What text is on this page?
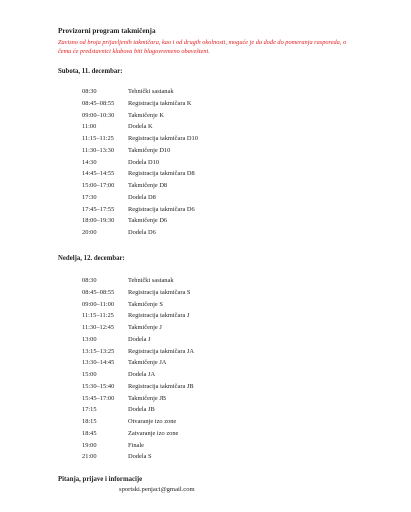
Provizorni program takmičenja
Zavisno od broja prijavljenih takmičara, kao i od drugih okolnosti, moguće je da dođe do pomeranja rasporeda, o čemu će predstavnici klubova biti blagovremeno obavešteni.
Subota, 11. decembar:
08:30	Tehnički sastanak
08:45–08:55 Registracija takmičara K
09:00–10:30 Takmičenje K
11:00	Dodela K
11:15–11:25 Registracija takmičara D10
11:30–13:30 Takmičenje D10
14:30	Dodela D10
14:45–14:55 Registracija takmičara D8
15:00–17:00 Takmičenje D8
17:30	Dodela D8
17:45–17:55 Registracija takmičara D6
18:00–19:30 Takmičenje D6
20:00	Dodela D6
Nedelja, 12. decembar:
08:30	Tehnički sastanak
08:45–08:55 Registracija takmičara S
09:00–11:00 Takmičenje S
11:15–11:25 Registracija takmičara J
11:30–12:45 Takmičenje J
13:00	Dodela J
13:15–13:25 Registracija takmičara JA
13:30–14:45 Takmičenje JA
15:00	Dodela JA
15:30–15:40 Registracija takmičara JB
15:45–17:00 Takmičenje JB
17:15	Dodela JB
18:15	Otvaranje izo zone
18:45	Zatvaranje izo zone
19:00	Finale
21:00	Dodela S
Pitanja, prijave i informacije
sportski.penjaci@gmail.com
